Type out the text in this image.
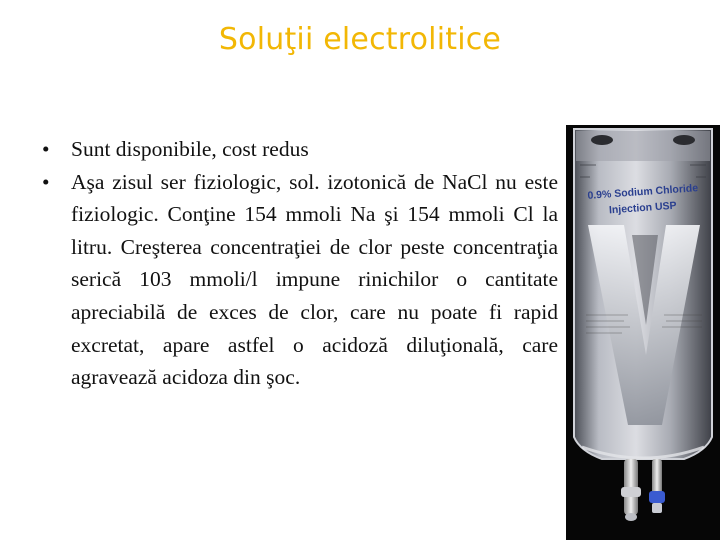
Soluţii electrolitice
• Sunt disponibile, cost redus
• Aşa zisul ser fiziologic, sol. izotonică de NaCl nu este fiziologic. Conţine 154 mmoli Na şi 154 mmoli Cl la litru. Creşterea concentraţiei de clor peste concentraţia serică 103 mmoli/l impune rinichilor o cantitate apreciabilă de exces de clor, care nu poate fi rapid excretat, apare astfel o acidoză diluţională, care agravează acidoza din şoc.
0.9% Sodium Chloride
Injection USP
